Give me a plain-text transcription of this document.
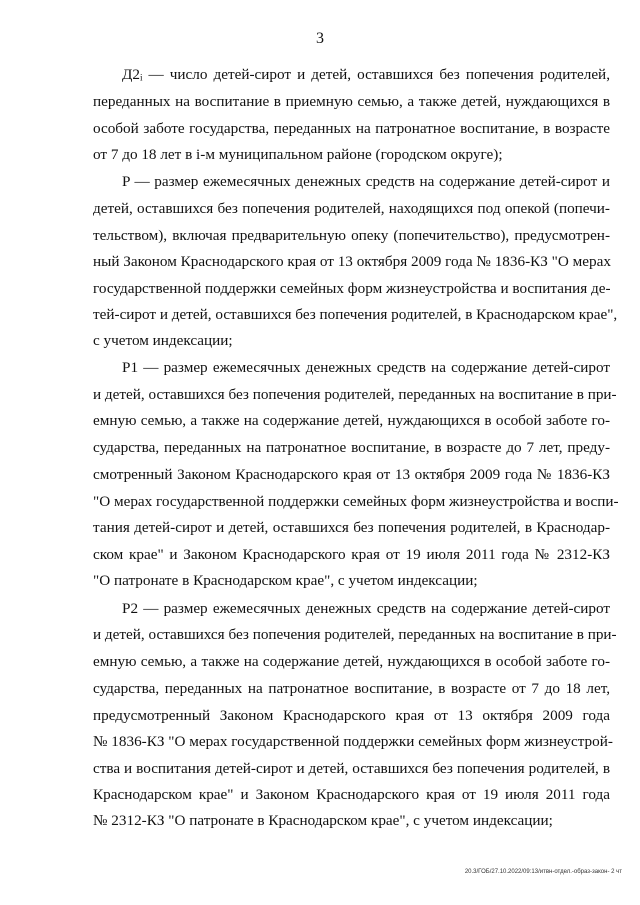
3
Д2ᵢ — число детей-сирот и детей, оставшихся без попечения родителей,
переданных на воспитание в приемную семью, а также детей, нуждающихся в
особой заботе государства, переданных на патронатное воспитание, в возрасте
от 7 до 18 лет в i-м муниципальном районе (городском округе);
P — размер ежемесячных денежных средств на содержание детей-сирот и
детей, оставшихся без попечения родителей, находящихся под опекой (попечи-
тельством), включая предварительную опеку (попечительство), предусмотрен-
ный Законом Краснодарского края от 13 октября 2009 года № 1836-КЗ "О мерах
государственной поддержки семейных форм жизнеустройства и воспитания де-
тей-сирот и детей, оставшихся без попечения родителей, в Краснодарском крае",
с учетом индексации;
P1 — размер ежемесячных денежных средств на содержание детей-сирот
и детей, оставшихся без попечения родителей, переданных на воспитание в при-
емную семью, а также на содержание детей, нуждающихся в особой заботе го-
сударства, переданных на патронатное воспитание, в возрасте до 7 лет, преду-
смотренный Законом Краснодарского края от 13 октября 2009 года № 1836-КЗ
"О мерах государственной поддержки семейных форм жизнеустройства и воспи-
тания детей-сирот и детей, оставшихся без попечения родителей, в Краснодар-
ском крае" и Законом Краснодарского края от 19 июля 2011 года № 2312-КЗ
"О патронате в Краснодарском крае", с учетом индексации;
P2 — размер ежемесячных денежных средств на содержание детей-сирот
и детей, оставшихся без попечения родителей, переданных на воспитание в при-
емную семью, а также на содержание детей, нуждающихся в особой заботе го-
сударства, переданных на патронатное воспитание, в возрасте от 7 до 18 лет,
предусмотренный Законом Краснодарского края от 13 октября 2009 года
№ 1836-КЗ "О мерах государственной поддержки семейных форм жизнеустрой-
ства и воспитания детей-сирот и детей, оставшихся без попечения родителей, в
Краснодарском крае" и Законом Краснодарского края от 19 июля 2011 года
№ 2312-КЗ "О патронате в Краснодарском крае", с учетом индексации;
20.3/ГОБ/27.10.2022/09:13/итвн-отдел.-образ-закон- 2 чт
